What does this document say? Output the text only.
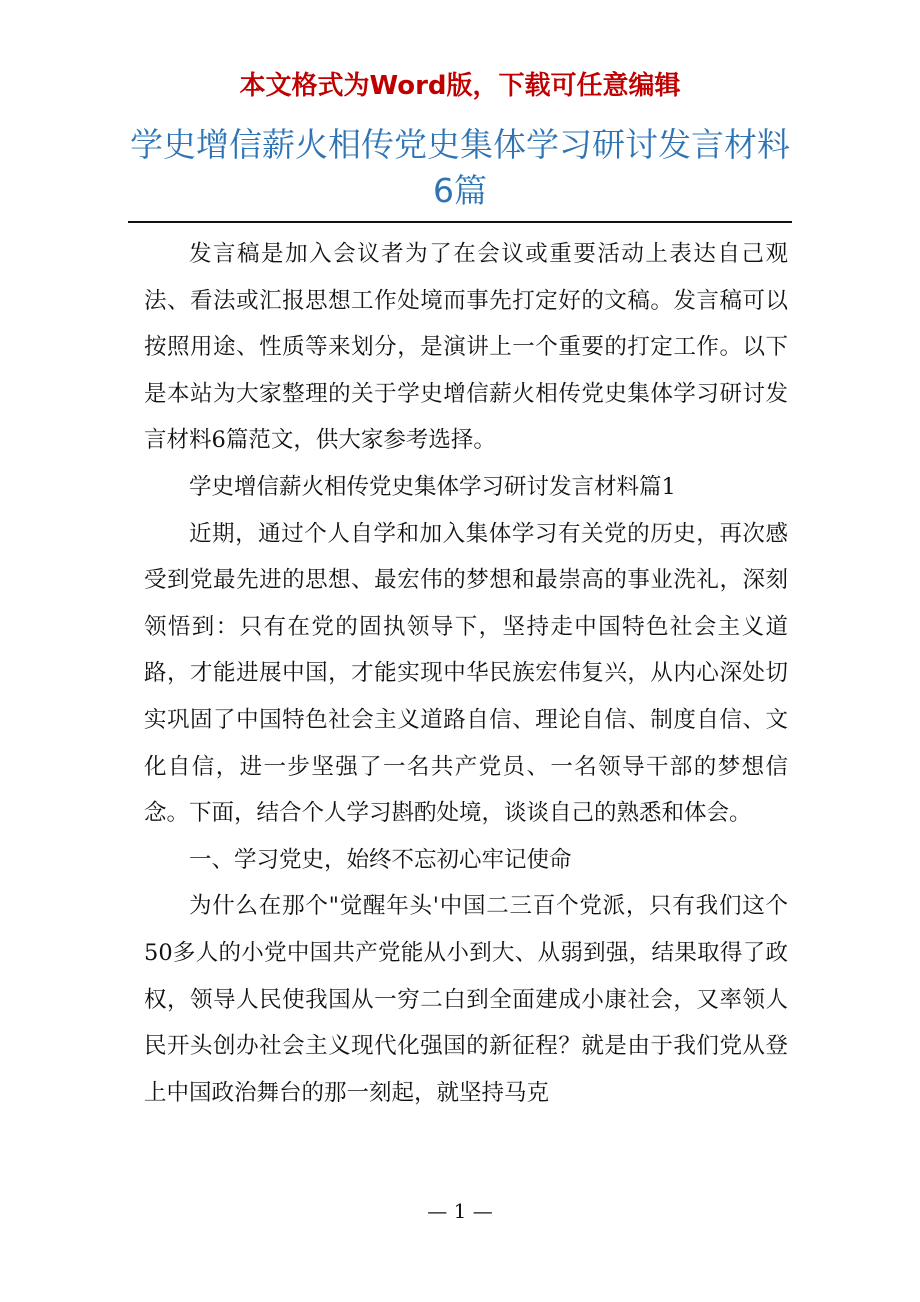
本文格式为Word版，下载可任意编辑
学史增信薪火相传党史集体学习研讨发言材料6篇

发言稿是加入会议者为了在会议或重要活动上表达自己观法、看法或汇报思想工作处境而事先打定好的文稿。发言稿可以按照用途、性质等来划分，是演讲上一个重要的打定工作。以下是本站为大家整理的关于学史增信薪火相传党史集体学习研讨发言材料6篇范文，供大家参考选择。

学史增信薪火相传党史集体学习研讨发言材料篇1

近期，通过个人自学和加入集体学习有关党的历史，再次感受到党最先进的思想、最宏伟的梦想和最崇高的事业洗礼，深刻领悟到：只有在党的固执领导下，坚持走中国特色社会主义道路，才能进展中国，才能实现中华民族宏伟复兴，从内心深处切实巩固了中国特色社会主义道路自信、理论自信、制度自信、文化自信，进一步坚强了一名共产党员、一名领导干部的梦想信念。下面，结合个人学习斟酌处境，谈谈自己的熟悉和体会。

一、学习党史，始终不忘初心牢记使命

为什么在那个"觉醒年头'中国二三百个党派，只有我们这个50多人的小党中国共产党能从小到大、从弱到强，结果取得了政权，领导人民使我国从一穷二白到全面建成小康社会，又率领人民开头创办社会主义现代化强国的新征程？就是由于我们党从登上中国政治舞台的那一刻起，就坚持马克

— 1 —
